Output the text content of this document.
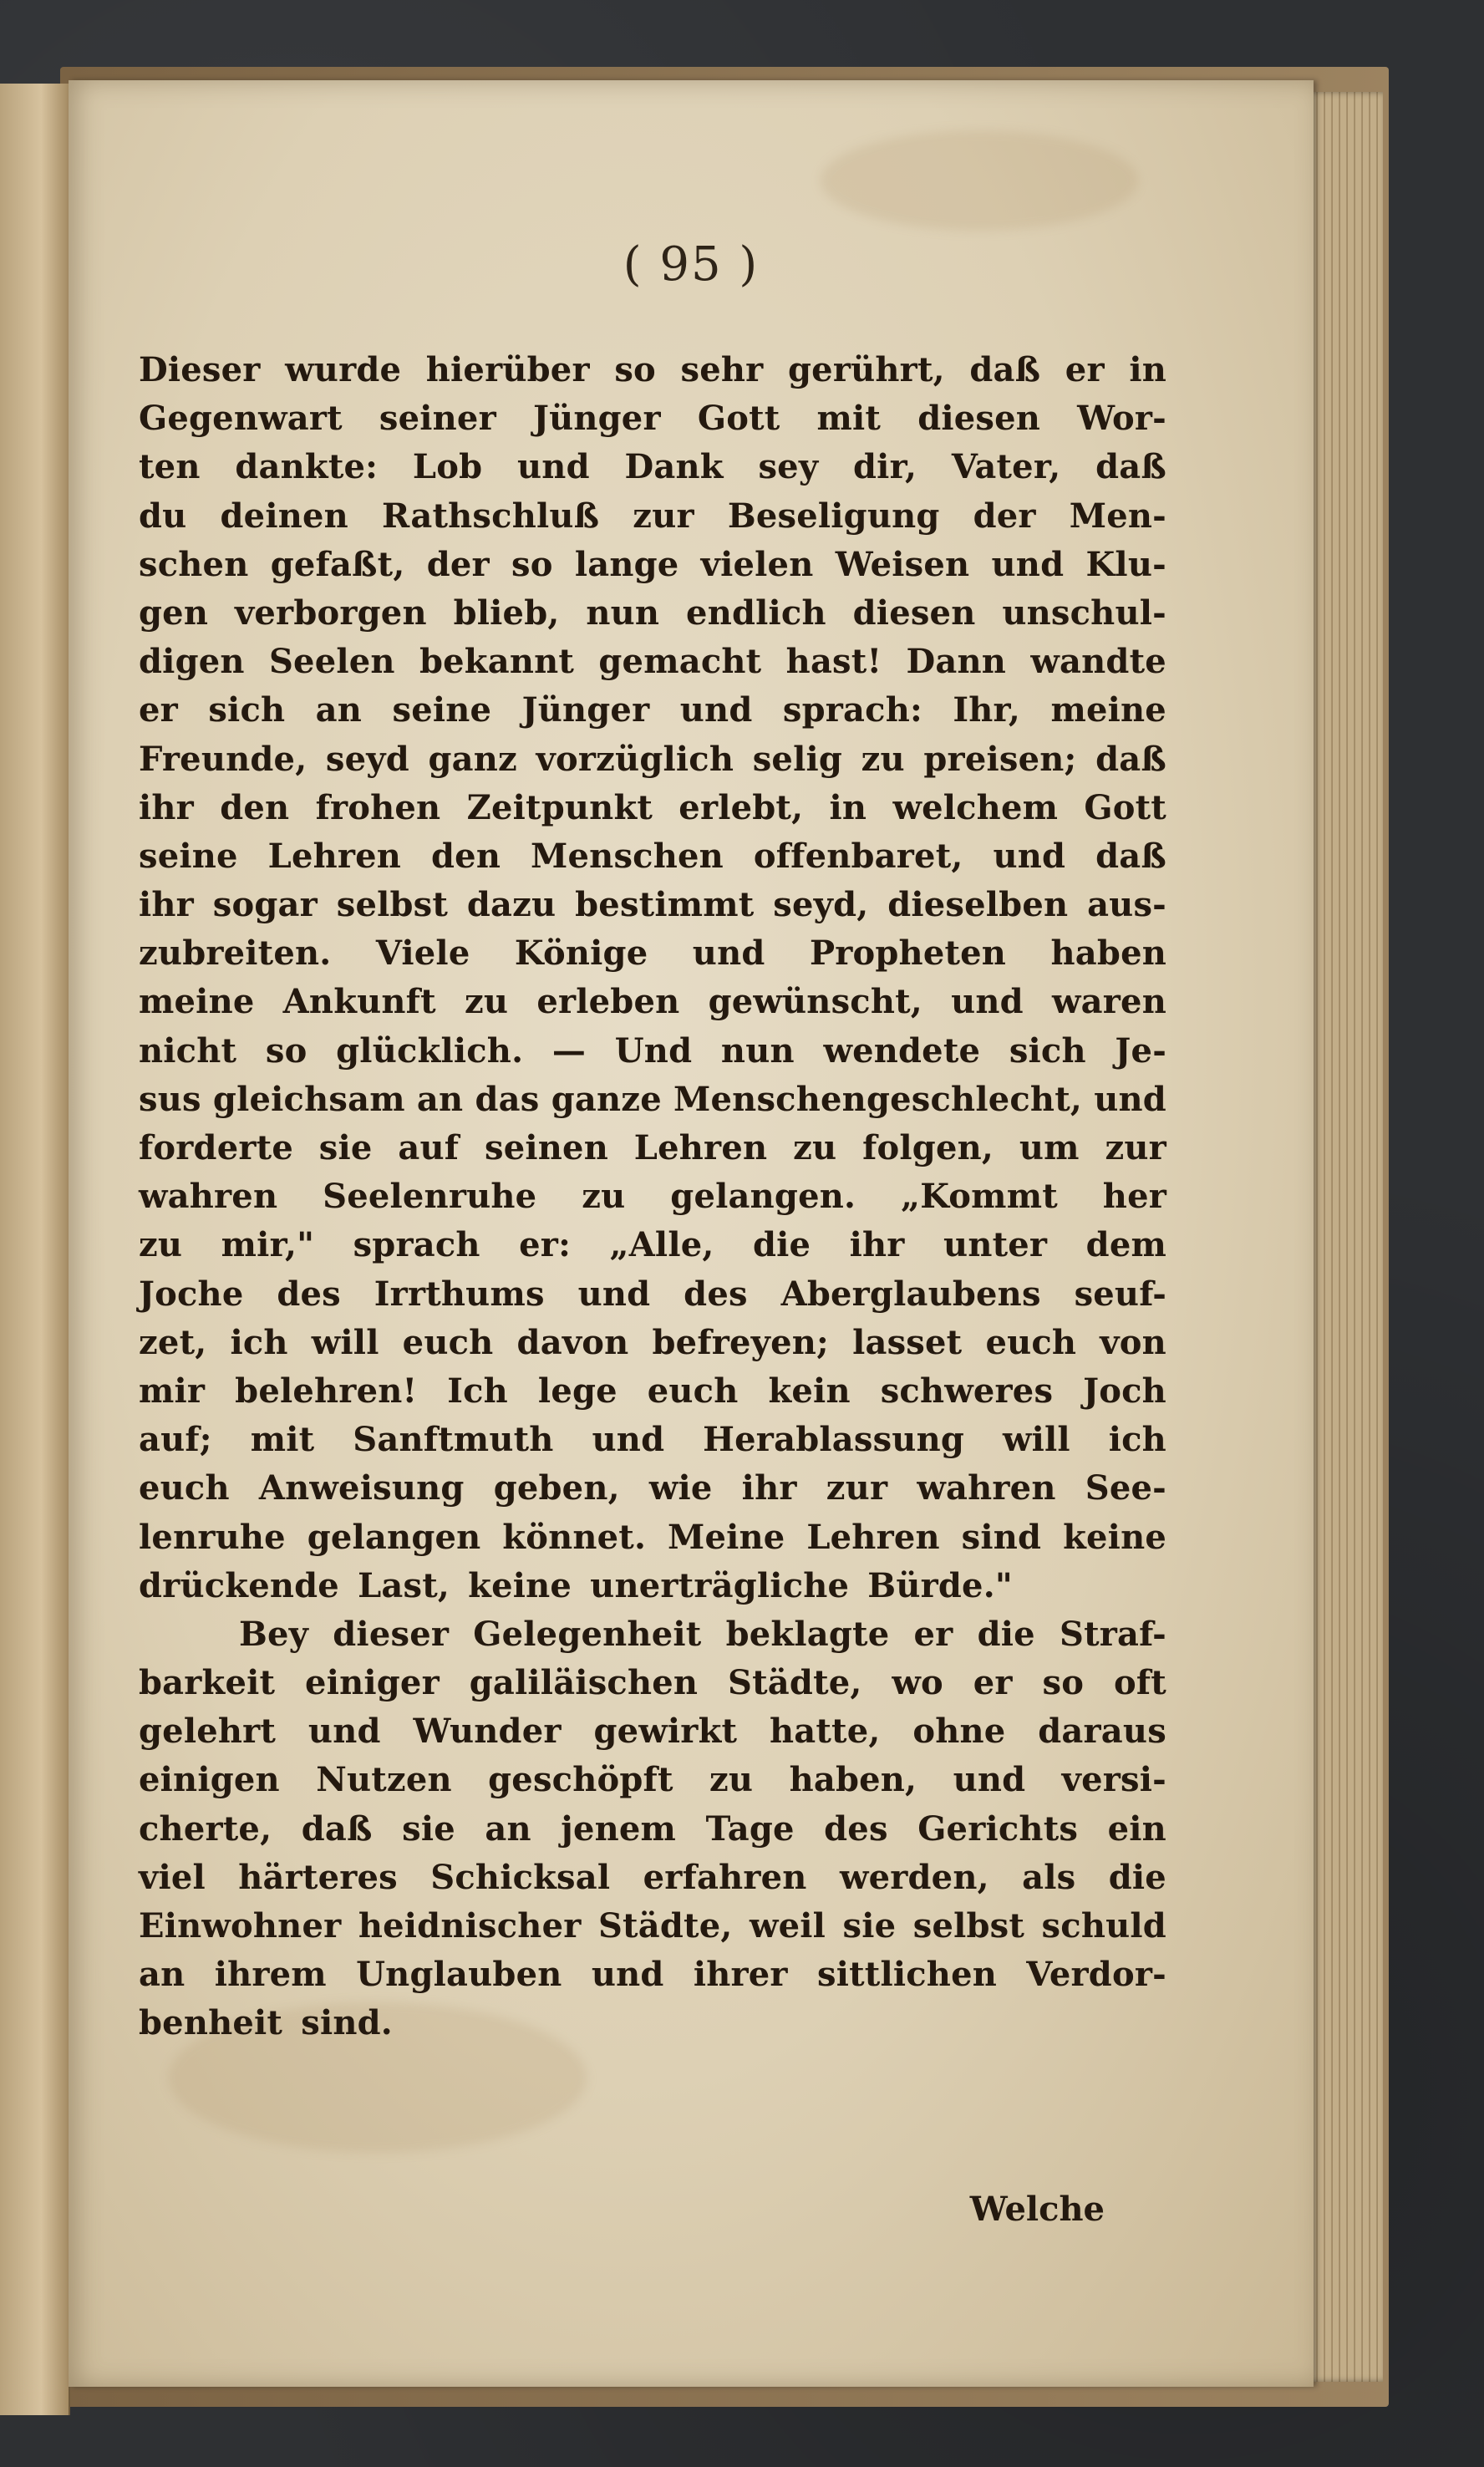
( 95 )
Dieser wurde hierüber so sehr gerührt, daß er in
Gegenwart seiner Jünger Gott mit diesen Wor-
ten dankte: Lob und Dank sey dir, Vater, daß
du deinen Rathschluß zur Beseligung der Men-
schen gefaßt, der so lange vielen Weisen und Klu-
gen verborgen blieb, nun endlich diesen unschul-
digen Seelen bekannt gemacht hast! Dann wandte
er sich an seine Jünger und sprach: Ihr, meine
Freunde, seyd ganz vorzüglich selig zu preisen; daß
ihr den frohen Zeitpunkt erlebt, in welchem Gott
seine Lehren den Menschen offenbaret, und daß
ihr sogar selbst dazu bestimmt seyd, dieselben aus-
zubreiten. Viele Könige und Propheten haben
meine Ankunft zu erleben gewünscht, und waren
nicht so glücklich. — Und nun wendete sich Je-
sus gleichsam an das ganze Menschengeschlecht, und
forderte sie auf seinen Lehren zu folgen, um zur
wahren Seelenruhe zu gelangen. „Kommt her
zu mir," sprach er: „Alle, die ihr unter dem
Joche des Irrthums und des Aberglaubens seuf-
zet, ich will euch davon befreyen; lasset euch von
mir belehren! Ich lege euch kein schweres Joch
auf; mit Sanftmuth und Herablassung will ich
euch Anweisung geben, wie ihr zur wahren See-
lenruhe gelangen könnet. Meine Lehren sind keine
drückende Last, keine unerträgliche Bürde."
Bey dieser Gelegenheit beklagte er die Straf-
barkeit einiger galiläischen Städte, wo er so oft
gelehrt und Wunder gewirkt hatte, ohne daraus
einigen Nutzen geschöpft zu haben, und versi-
cherte, daß sie an jenem Tage des Gerichts ein
viel härteres Schicksal erfahren werden, als die
Einwohner heidnischer Städte, weil sie selbst schuld
an ihrem Unglauben und ihrer sittlichen Verdor-
benheit sind.
Welche
